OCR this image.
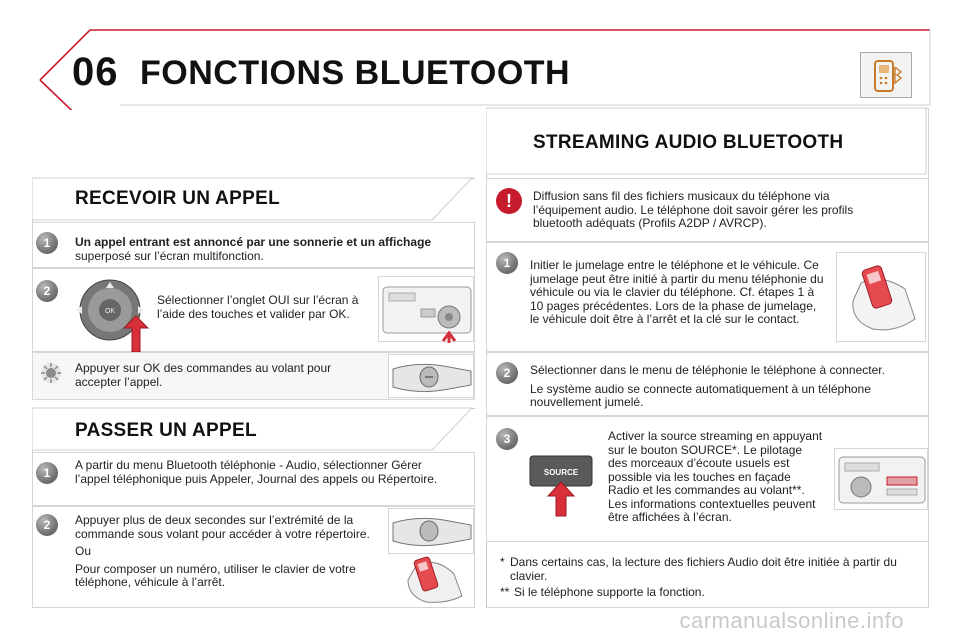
06 FONCTIONS BLUETOOTH
RECEVOIR UN APPEL
1	Un appel entrant est annoncé par une sonnerie et un affichage
superposé sur l’écran multifonction.
2
OK
Sélectionner l’onglet OUI sur l’écran à l’aide des touches et valider par OK.
Appuyer sur OK des commandes au volant pour accepter l’appel.
PASSER UN APPEL
1
A partir du menu Bluetooth téléphonie - Audio, sélectionner Gérer l’appel téléphonique puis Appeler, Journal des appels ou Répertoire.
2	Appuyer plus de deux secondes sur l’extrémité de la commande sous volant pour accéder à votre répertoire.
Ou
Pour composer un numéro, utiliser le clavier de votre téléphone, véhicule à l’arrêt.
STREAMING AUDIO BLUETOOTH
!	Diffusion sans fil des fichiers musicaux du téléphone via l’équipement audio. Le téléphone doit savoir gérer les profils bluetooth adéquats (Profils A2DP / AVRCP).
1	Initier le jumelage entre le téléphone et le véhicule. Ce jumelage peut être initié à partir du menu téléphonie du véhicule ou via le clavier du téléphone. Cf. étapes 1 à 10 pages précédentes. Lors de la phase de jumelage, le véhicule doit être à l’arrêt et la clé sur le contact.
2	Sélectionner dans le menu de téléphonie le téléphone à connecter.
Le système audio se connecte automatiquement à un téléphone nouvellement jumelé.
3
SOURCE
Activer la source streaming en appuyant sur le bouton SOURCE*. Le pilotage des morceaux d’écoute usuels est possible via les touches en façade Radio et les commandes au volant**. Les informations contextuelles peuvent être affichées à l’écran.
* Dans certains cas, la lecture des fichiers Audio doit être initiée à partir du clavier.
** Si le téléphone supporte la fonction.
carmanualsonline.info
